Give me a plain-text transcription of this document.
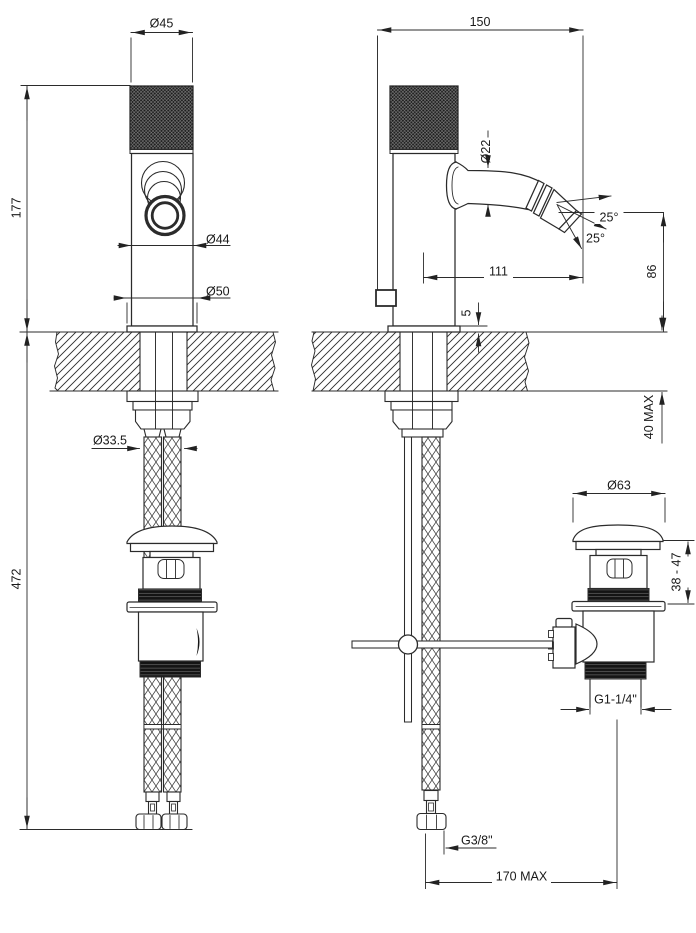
Ø45
177
Ø44
Ø50
Ø33.5
472
150
Ø22
25°
25°
111	86
5
40 MAX
G3/8"
170 MAX
Ø63
38 - 47
G1-1/4"
